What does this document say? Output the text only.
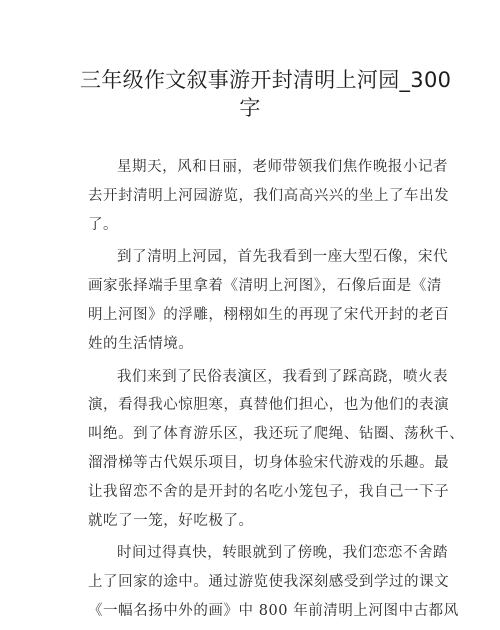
三年级作文叙事游开封清明上河园_300
字
星期天，风和日丽，老师带领我们焦作晚报小记者
去开封清明上河园游览，我们高高兴兴的坐上了车出发
了。
到了清明上河园，首先我看到一座大型石像，宋代
画家张择端手里拿着《清明上河图》，石像后面是《清
明上河图》的浮雕，栩栩如生的再现了宋代开封的老百
姓的生活情境。
我们来到了民俗表演区，我看到了踩高跷，喷火表
演，看得我心惊胆寒，真替他们担心，也为他们的表演
叫绝。到了体育游乐区，我还玩了爬绳、钻圈、荡秋千、
溜滑梯等古代娱乐项目，切身体验宋代游戏的乐趣。最
让我留恋不舍的是开封的名吃小笼包子，我自己一下子
就吃了一笼，好吃极了。
时间过得真快，转眼就到了傍晚，我们恋恋不舍踏
上了回家的途中。通过游览使我深刻感受到学过的课文
《一幅名扬中外的画》中 800 年前清明上河图中古都风
